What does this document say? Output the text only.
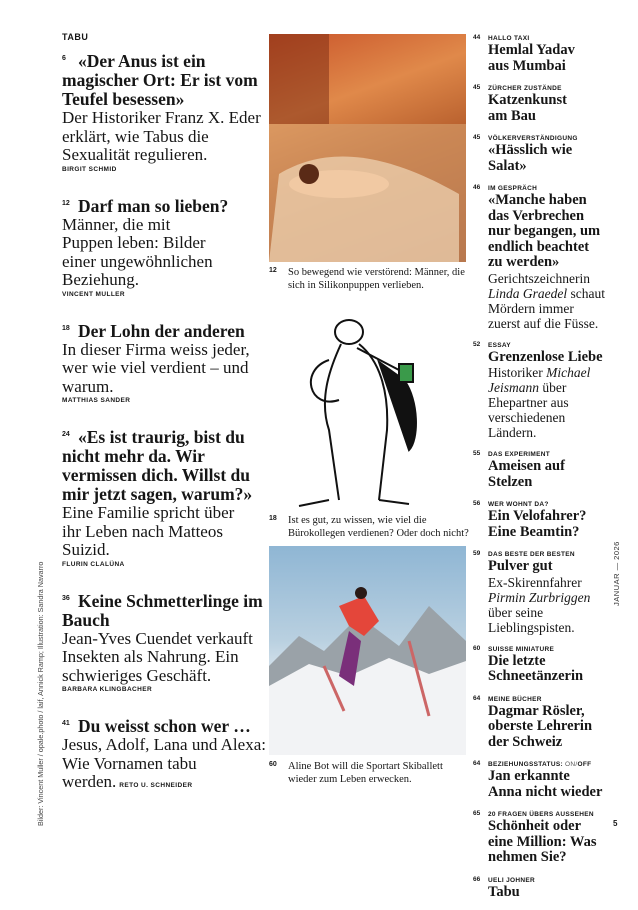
TABU
6 «Der Anus ist ein magischer Ort: Er ist vom Teufel besessen»
Der Historiker Franz X. Eder erklärt, wie Tabus die Sexualität regulieren.
BIRGIT SCHMID
12 Darf man so lieben?
Männer, die mit Puppen leben: Bilder einer ungewöhnlichen Beziehung.
VINCENT MULLER
18 Der Lohn der anderen
In dieser Firma weiss jeder, wer wie viel verdient – und warum.
MATTHIAS SANDER
24 «Es ist traurig, bist du nicht mehr da. Wir vermissen dich. Willst du mir jetzt sagen, warum?»
Eine Familie spricht über ihr Leben nach Matteos Suizid.
FLURIN CLALÜNA
36 Keine Schmetterlinge im Bauch
Jean-Yves Cuendet verkauft Insekten als Nahrung. Ein schwieriges Geschäft.
BARBARA KLINGBACHER
41 Du weisst schon wer …
Jesus, Adolf, Lana und Alexa: Wie Vornamen tabu werden. RETO U. SCHNEIDER
12	So bewegend wie verstörend: Männer, die sich in Silikonpuppen verlieben.
18	Ist es gut, zu wissen, wie viel die Bürokollegen verdienen? Oder doch nicht?
60	Aline Bot will die Sportart Skiballett wieder zum Leben erwecken.
44 HALLO TAXI
Hemlal Yadav aus Mumbai
45 ZÜRCHER ZUSTÄNDE
Katzenkunst am Bau
45 VÖLKERVERSTÄNDIGUNG
«Hässlich wie Salat»
46 IM GESPRÄCH
«Manche haben das Verbrechen nur begangen, um endlich beachtet zu werden»
Gerichtszeichnerin Linda Graedel schaut Mördern immer zuerst auf die Füsse.
52 ESSAY
Grenzenlose Liebe
Historiker Michael Jeismann über Ehepartner aus verschiedenen Ländern.
55 DAS EXPERIMENT
Ameisen auf Stelzen
56 WER WOHNT DA?
Ein Velofahrer? Eine Beamtin?
59 DAS BESTE DER BESTEN
Pulver gut
Ex-Skirennfahrer Pirmin Zurbriggen über seine Lieblingspisten.
60 SUISSE MINIATURE
Die letzte Schneetänzerin
64 MEINE BÜCHER
Dagmar Rösler, oberste Lehrerin der Schweiz
64 BEZIEHUNGSSTATUS: ON/OFF
Jan erkannte Anna nicht wieder
65 20 FRAGEN ÜBERS AUSSEHEN
Schönheit oder eine Million: Was nehmen Sie?
66 UELI JOHNER
Tabu
JANUAR — 2026
5
Bilder: Vincent Muller / opale.photo / laif, Annick Ramp; Illustration: Sandra Navarro
